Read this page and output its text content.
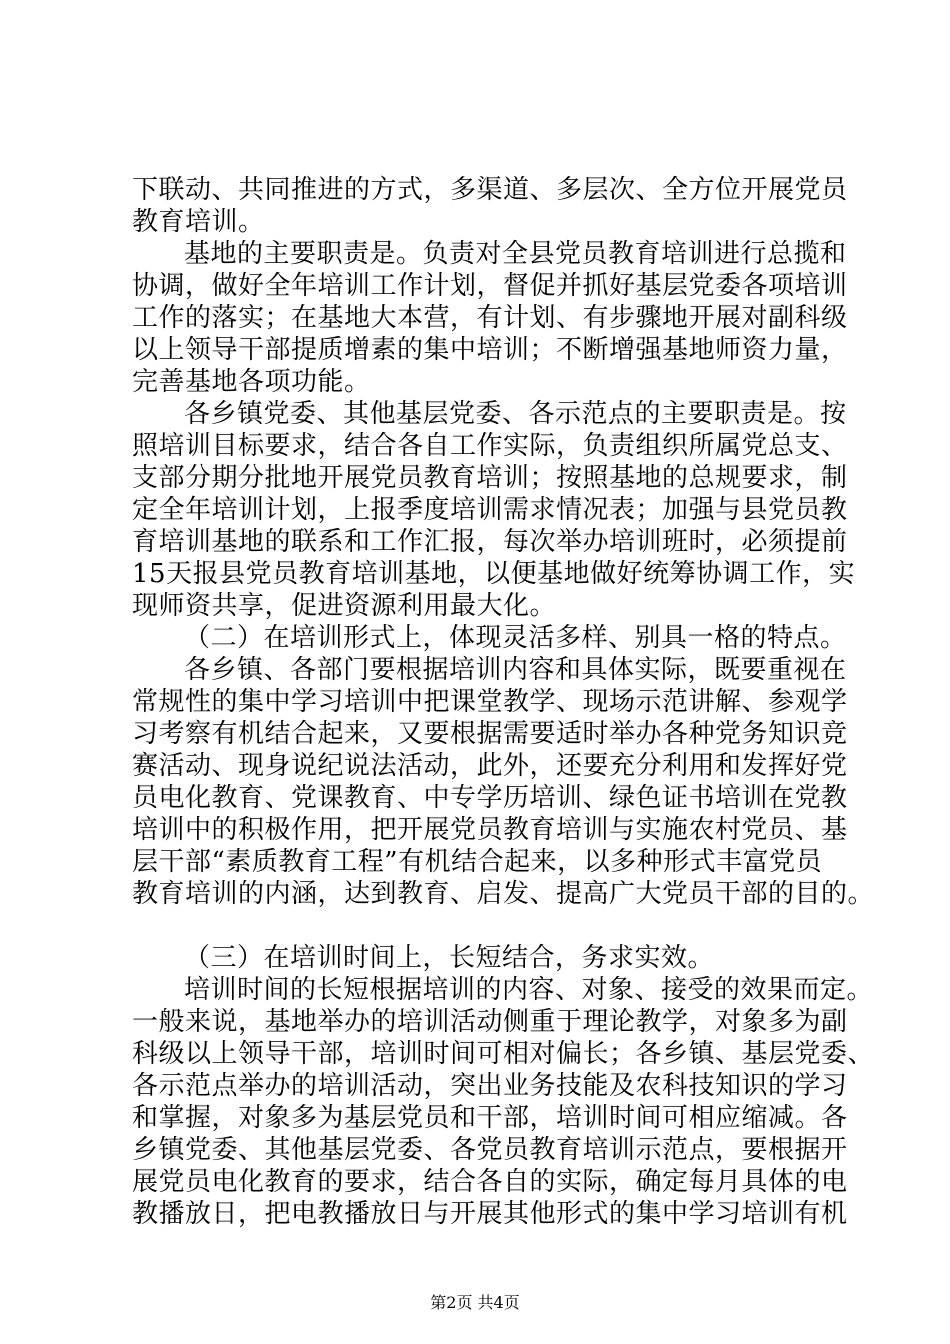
下联动、共同推进的方式，多渠道、多层次、全方位开展党员
教育培训。
基地的主要职责是。负责对全县党员教育培训进行总揽和
协调，做好全年培训工作计划，督促并抓好基层党委各项培训
工作的落实；在基地大本营，有计划、有步骤地开展对副科级
以上领导干部提质增素的集中培训；不断增强基地师资力量，
完善基地各项功能。
各乡镇党委、其他基层党委、各示范点的主要职责是。按
照培训目标要求，结合各自工作实际，负责组织所属党总支、
支部分期分批地开展党员教育培训；按照基地的总规要求，制
定全年培训计划，上报季度培训需求情况表；加强与县党员教
育培训基地的联系和工作汇报，每次举办培训班时，必须提前
15天报县党员教育培训基地，以便基地做好统筹协调工作，实
现师资共享，促进资源利用最大化。
（二）在培训形式上，体现灵活多样、别具一格的特点。
各乡镇、各部门要根据培训内容和具体实际，既要重视在
常规性的集中学习培训中把课堂教学、现场示范讲解、参观学
习考察有机结合起来，又要根据需要适时举办各种党务知识竞
赛活动、现身说纪说法活动，此外，还要充分利用和发挥好党
员电化教育、党课教育、中专学历培训、绿色证书培训在党教
培训中的积极作用，把开展党员教育培训与实施农村党员、基
层干部“素质教育工程”有机结合起来，以多种形式丰富党员
教育培训的内涵，达到教育、启发、提高广大党员干部的目的。
（三）在培训时间上，长短结合，务求实效。
培训时间的长短根据培训的内容、对象、接受的效果而定。
一般来说，基地举办的培训活动侧重于理论教学，对象多为副
科级以上领导干部，培训时间可相对偏长；各乡镇、基层党委、
各示范点举办的培训活动，突出业务技能及农科技知识的学习
和掌握，对象多为基层党员和干部，培训时间可相应缩减。各
乡镇党委、其他基层党委、各党员教育培训示范点，要根据开
展党员电化教育的要求，结合各自的实际，确定每月具体的电
教播放日，把电教播放日与开展其他形式的集中学习培训有机
第2页 共4页
